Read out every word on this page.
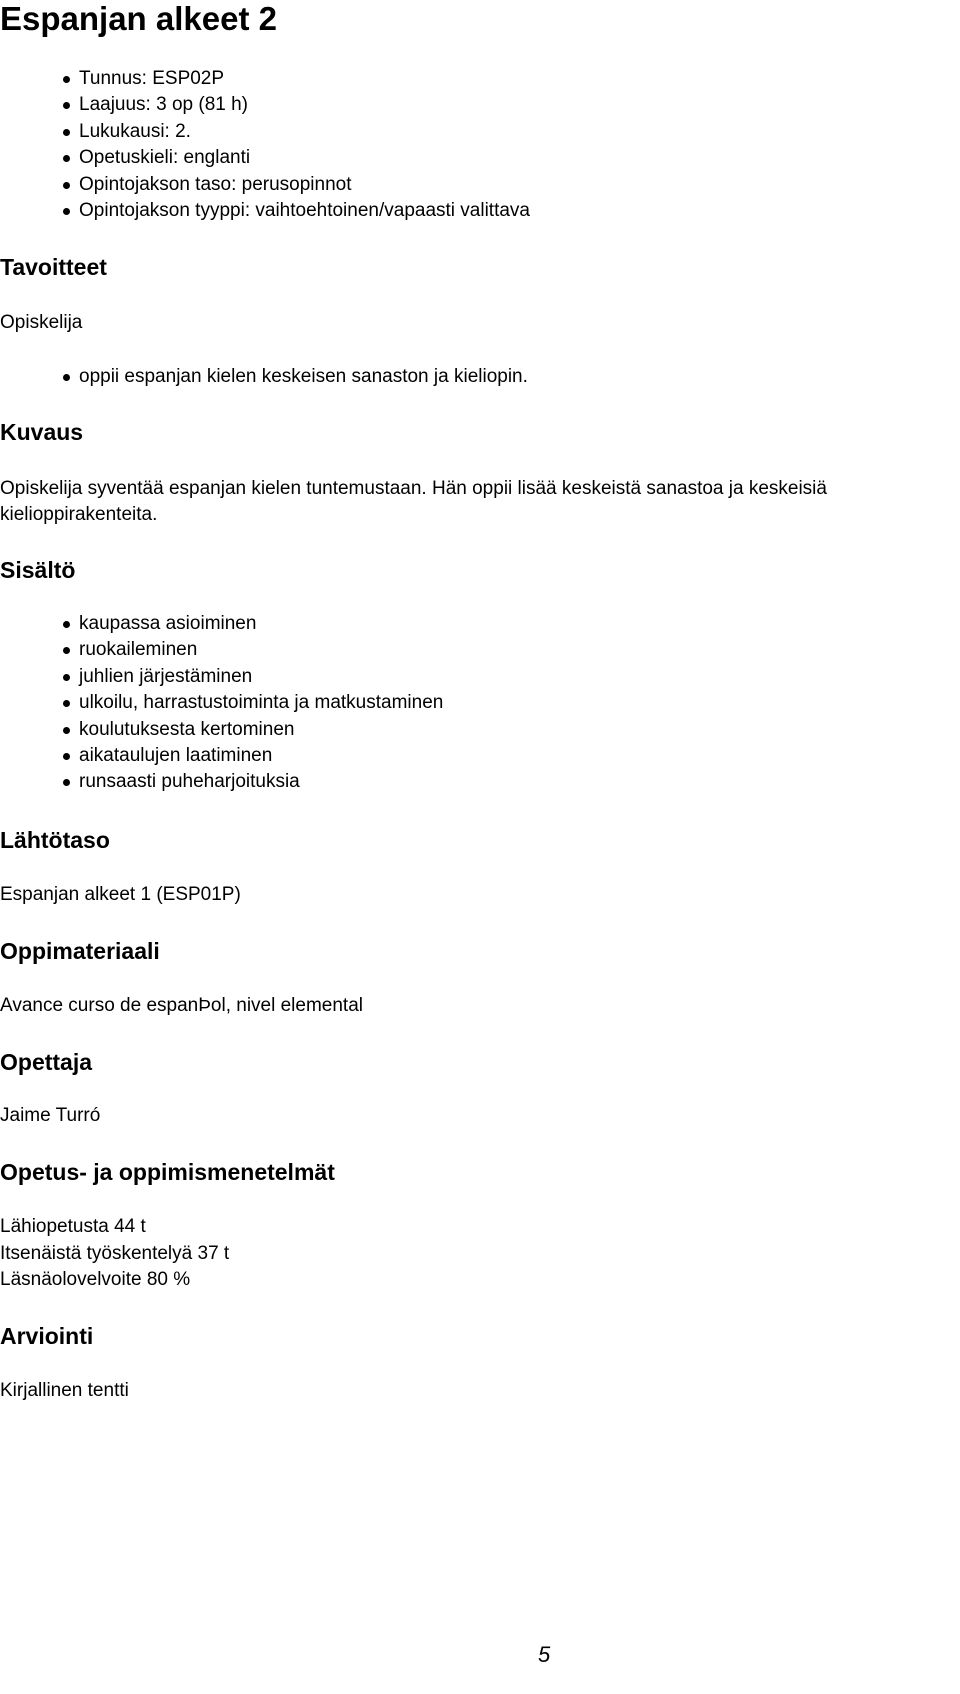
Espanjan alkeet 2
Tunnus: ESP02P
Laajuus: 3 op (81 h)
Lukukausi: 2.
Opetuskieli: englanti
Opintojakson taso: perusopinnot
Opintojakson tyyppi: vaihtoehtoinen/vapaasti valittava
Tavoitteet

Opiskelija

oppii espanjan kielen keskeisen sanaston ja kieliopin.
Kuvaus

Opiskelija syventää espanjan kielen tuntemustaan. Hän oppii lisää keskeistä sanastoa ja keskeisiä

kielioppirakenteita.

Sisältö
kaupassa asioiminen
ruokaileminen
juhlien järjestäminen
ulkoilu, harrastustoiminta ja matkustaminen
koulutuksesta kertominen
aikataulujen laatiminen
runsaasti puheharjoituksia
Lähtötaso

Espanjan alkeet 1 (ESP01P)

Oppimateriaali

Avance curso de espanÞol, nivel elemental

Opettaja

Jaime Turró

Opetus- ja oppimismenetelmät

Lähiopetusta 44 t

Itsenäistä työskentelyä 37 t

Läsnäolovelvoite 80 %

Arviointi

Kirjallinen tentti

5
